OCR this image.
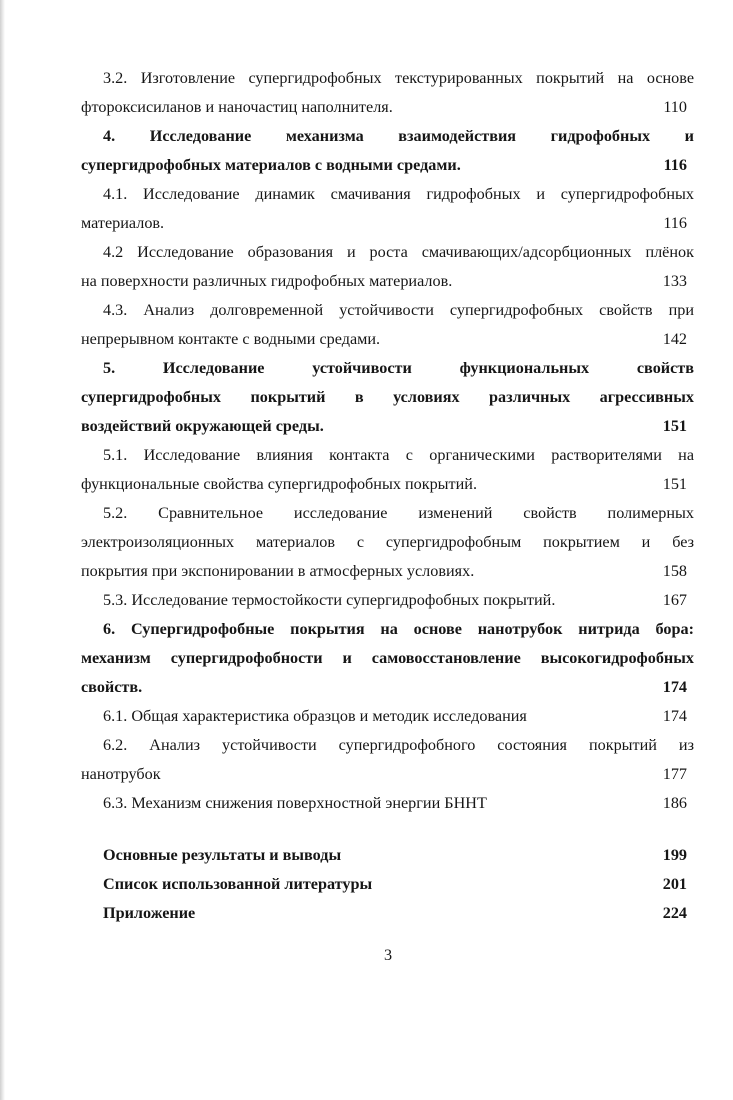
3.2. Изготовление супергидрофобных текстурированных покрытий на основе
фтороксисиланов и наночастиц наполнителя.	110
4. Исследование механизма взаимодействия гидрофобных и
супергидрофобных материалов с водными средами.	116
4.1. Исследование динамик смачивания гидрофобных и супергидрофобных
материалов.	116
4.2 Исследование образования и роста смачивающих/адсорбционных плёнок
на поверхности различных гидрофобных материалов.	133
4.3. Анализ долговременной устойчивости супергидрофобных свойств при
непрерывном контакте с водными средами.	142
5. Исследование устойчивости функциональных свойств
супергидрофобных покрытий в условиях различных агрессивных
воздействий окружающей среды.	151
5.1. Исследование влияния контакта с органическими растворителями на
функциональные свойства супергидрофобных покрытий.	151
5.2. Сравнительное исследование изменений свойств полимерных
электроизоляционных материалов с супергидрофобным покрытием и без
покрытия при экспонировании в атмосферных условиях.	158
5.3. Исследование термостойкости супергидрофобных покрытий.	167
6. Супергидрофобные покрытия на основе нанотрубок нитрида бора:
механизм супергидрофобности и самовосстановление высокогидрофобных
свойств.	174
6.1. Общая характеристика образцов и методик исследования	174
6.2. Анализ устойчивости супергидрофобного состояния покрытий из
нанотрубок	177
6.3. Механизм снижения поверхностной энергии БННТ	186
Основные результаты и выводы	199
Список использованной литературы	201
Приложение	224
3
